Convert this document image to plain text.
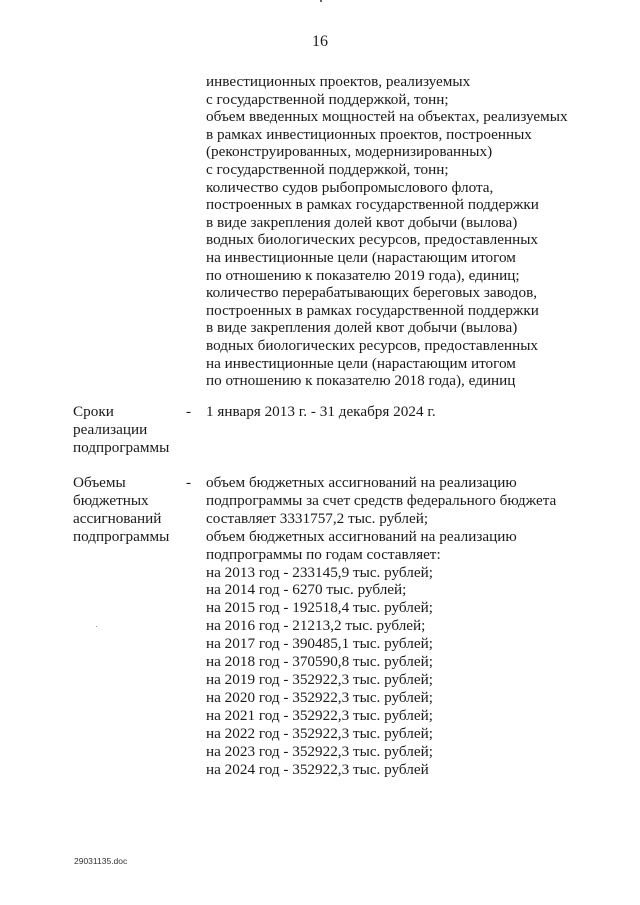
16
инвестиционных проектов, реализуемых
с государственной поддержкой, тонн;
объем введенных мощностей на объектах, реализуемых
в рамках инвестиционных проектов, построенных
(реконструированных, модернизированных)
с государственной поддержкой, тонн;
количество судов рыбопромыслового флота,
построенных в рамках государственной поддержки
в виде закрепления долей квот добычи (вылова)
водных биологических ресурсов, предоставленных
на инвестиционные цели (нарастающим итогом
по отношению к показателю 2019 года), единиц;
количество перерабатывающих береговых заводов,
построенных в рамках государственной поддержки
в виде закрепления долей квот добычи (вылова)
водных биологических ресурсов, предоставленных
на инвестиционные цели (нарастающим итогом
по отношению к показателю 2018 года), единиц
Сроки
реализации
подпрограммы
- 1 января 2013 г. - 31 декабря 2024 г.
Объемы
бюджетных
ассигнований
подпрограммы
- объем бюджетных ассигнований на реализацию
подпрограммы за счет средств федерального бюджета
составляет 3331757,2 тыс. рублей;
объем бюджетных ассигнований на реализацию
подпрограммы по годам составляет:
на 2013 год - 233145,9 тыс. рублей;
на 2014 год - 6270 тыс. рублей;
на 2015 год - 192518,4 тыс. рублей;
на 2016 год - 21213,2 тыс. рублей;
на 2017 год - 390485,1 тыс. рублей;
на 2018 год - 370590,8 тыс. рублей;
на 2019 год - 352922,3 тыс. рублей;
на 2020 год - 352922,3 тыс. рублей;
на 2021 год - 352922,3 тыс. рублей;
на 2022 год - 352922,3 тыс. рублей;
на 2023 год - 352922,3 тыс. рублей;
на 2024 год - 352922,3 тыс. рублей
29031135.doc
